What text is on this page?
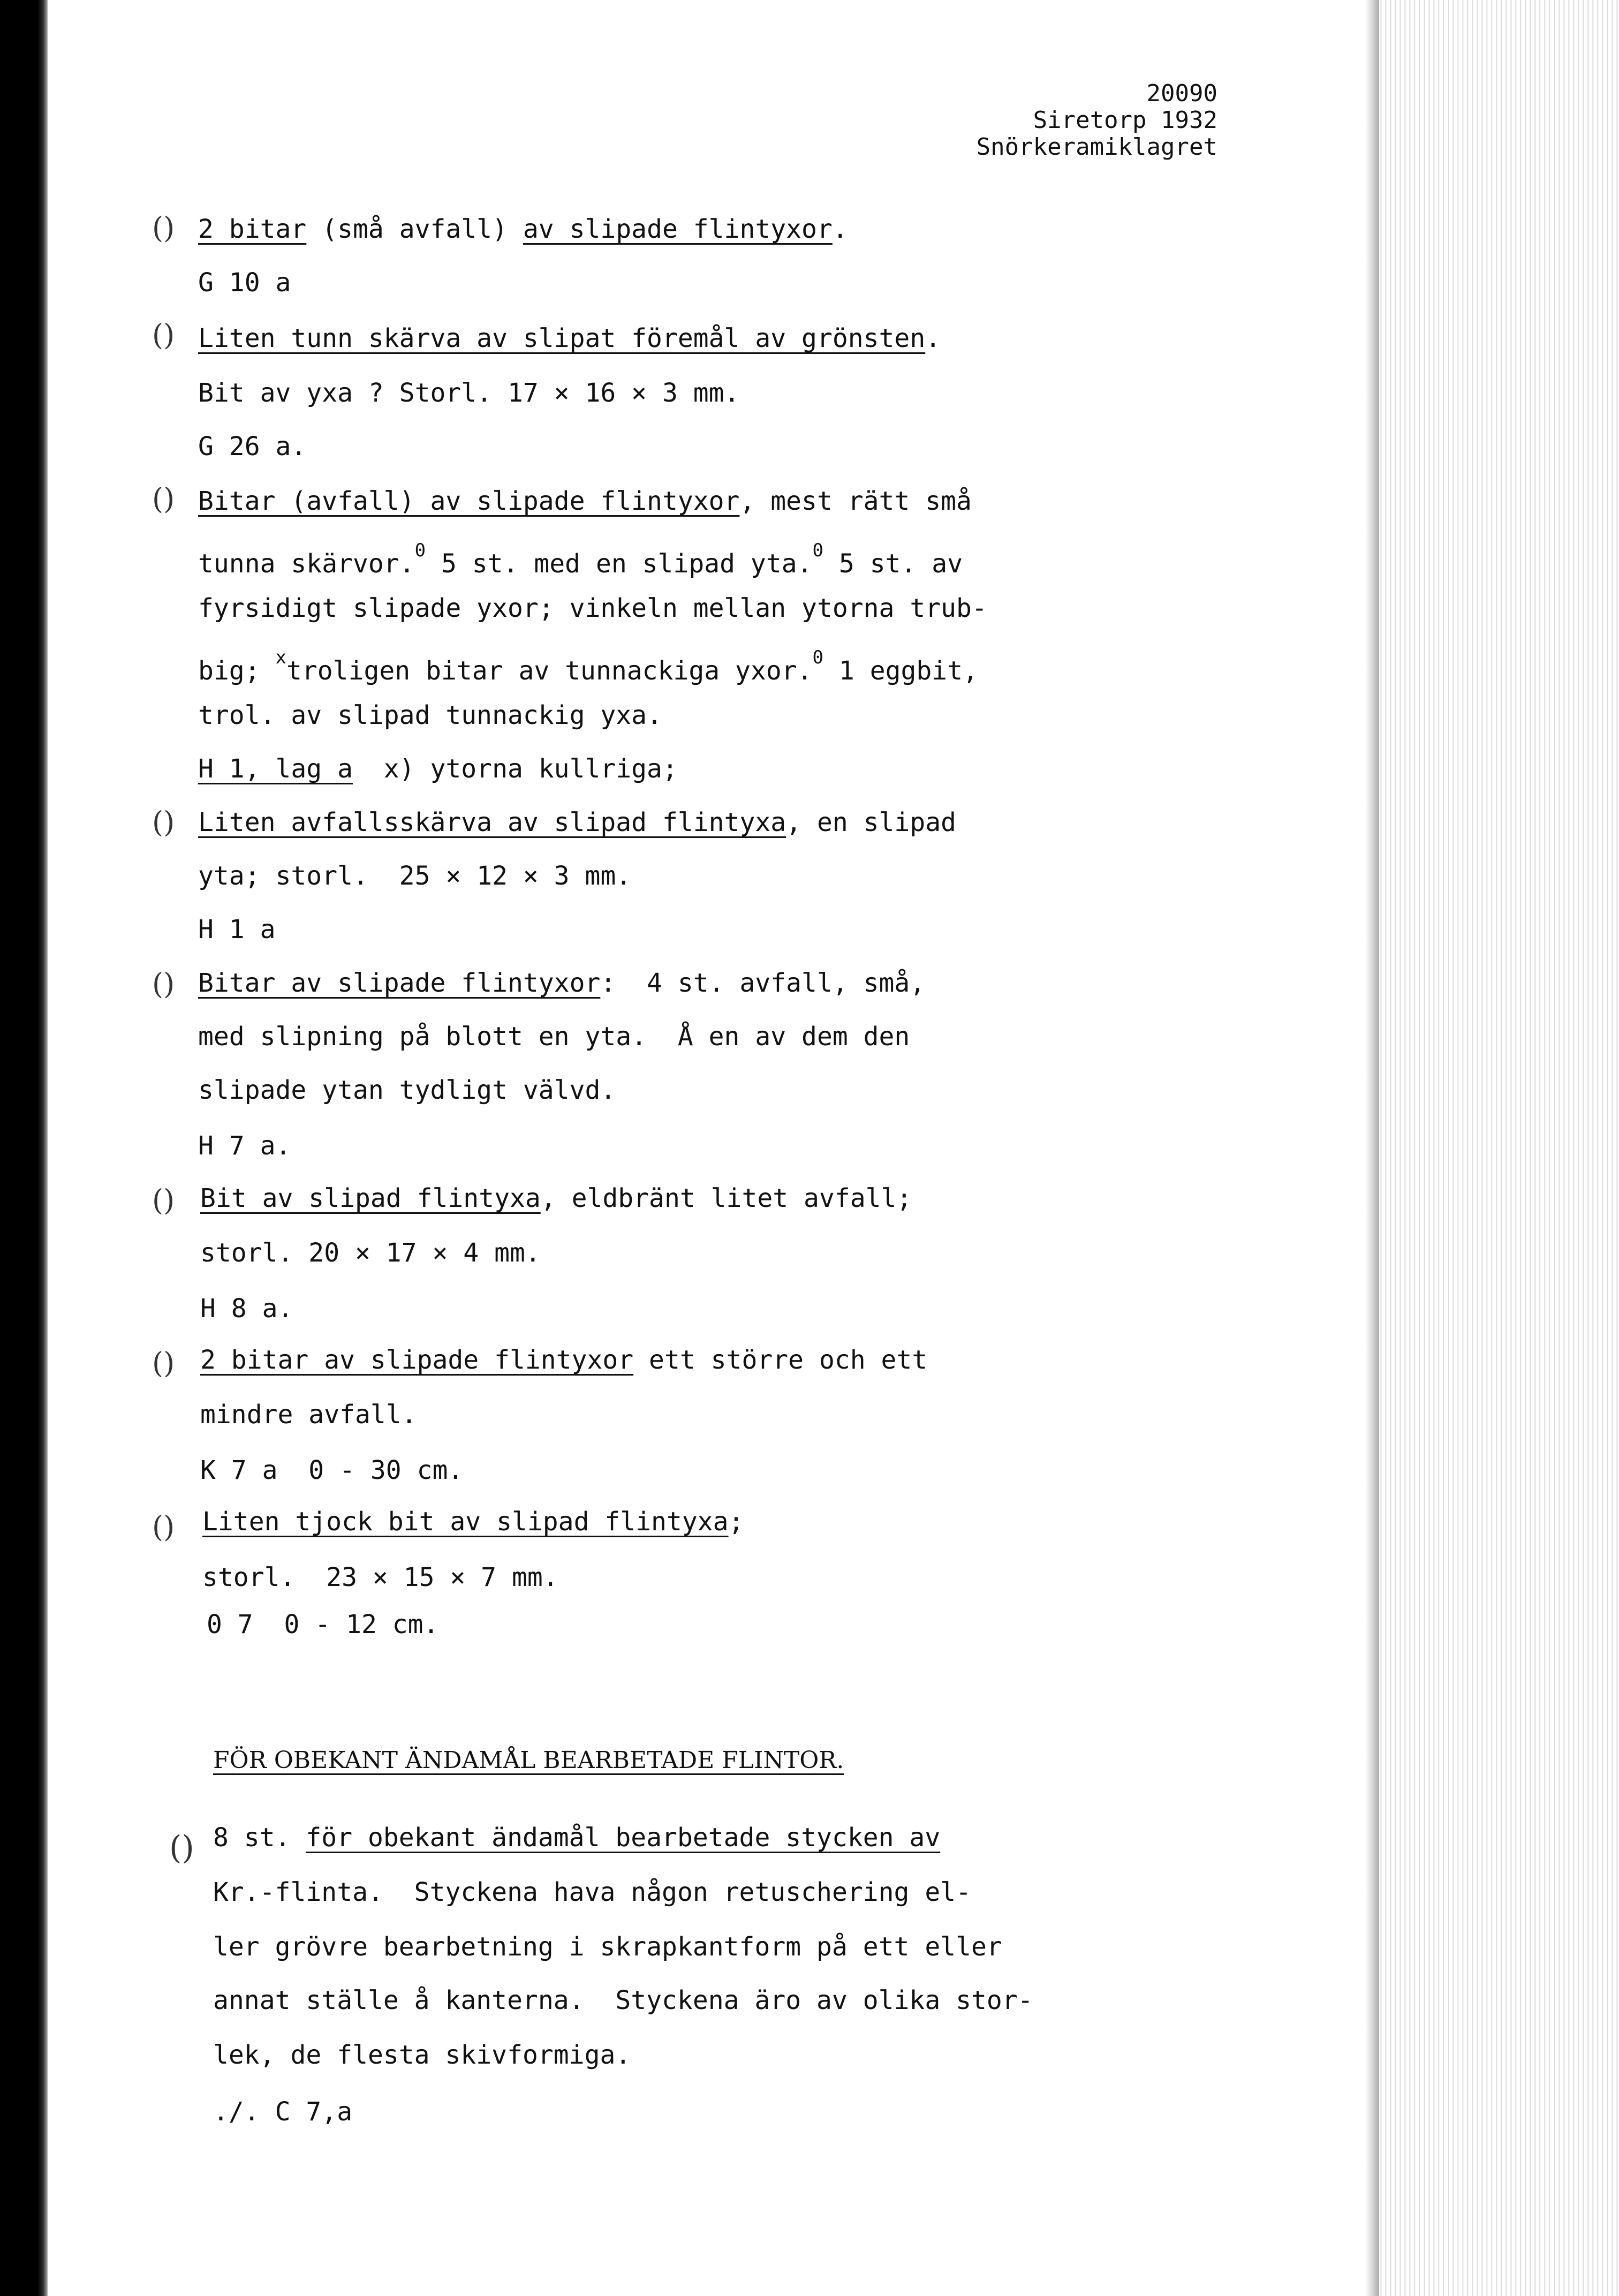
20090
Siretorp 1932
Snörkeramiklagret
() 2 bitar (små avfall) av slipade flintyxor.
G 10 a
() Liten tunn skärva av slipat föremål av grönsten.
Bit av yxa ? Storl. 17 × 16 × 3 mm.
G 26 a.
() Bitar (avfall) av slipade flintyxor, mest rätt små
tunna skärvor.$^0$ 5 st. med en slipad yta.$^0$ 5 st. av
fyrsidigt slipade yxor; vinkeln mellan ytorna trub-
big; $^x$troligen bitar av tunnackiga yxor.$^0$ 1 eggbit,
trol. av slipad tunnackig yxa.
H 1, lag a x) ytorna kullriga;
() Liten avfallsskärva av slipad flintyxa, en slipad
yta; storl.  25 × 12 × 3 mm.
H 1 a
() Bitar av slipade flintyxor:  4 st. avfall, små,
med slipning på blott en yta.  Å en av dem den
slipade ytan tydligt välvd.
H 7 a.
() Bit av slipad flintyxa, eldbränt litet avfall;
storl. 20 × 17 × 4 mm.
H 8 a.
() 2 bitar av slipade flintyxor ett större och ett
mindre avfall.
K 7 a  0 - 30 cm.
() Liten tjock bit av slipad flintyxa;
storl.  23 × 15 × 7 mm.
0 7  0 - 12 cm.
FÖR OBEKANT ÄNDAMÅL BEARBETADE FLINTOR.
() 8 st. för obekant ändamål bearbetade stycken av
Kr.-flinta.  Styckena hava någon retuschering el-
ler grövre bearbetning i skrapkantform på ett eller
annat ställe å kanterna.  Styckena äro av olika stor-
lek, de flesta skivformiga.
./. C 7,a
